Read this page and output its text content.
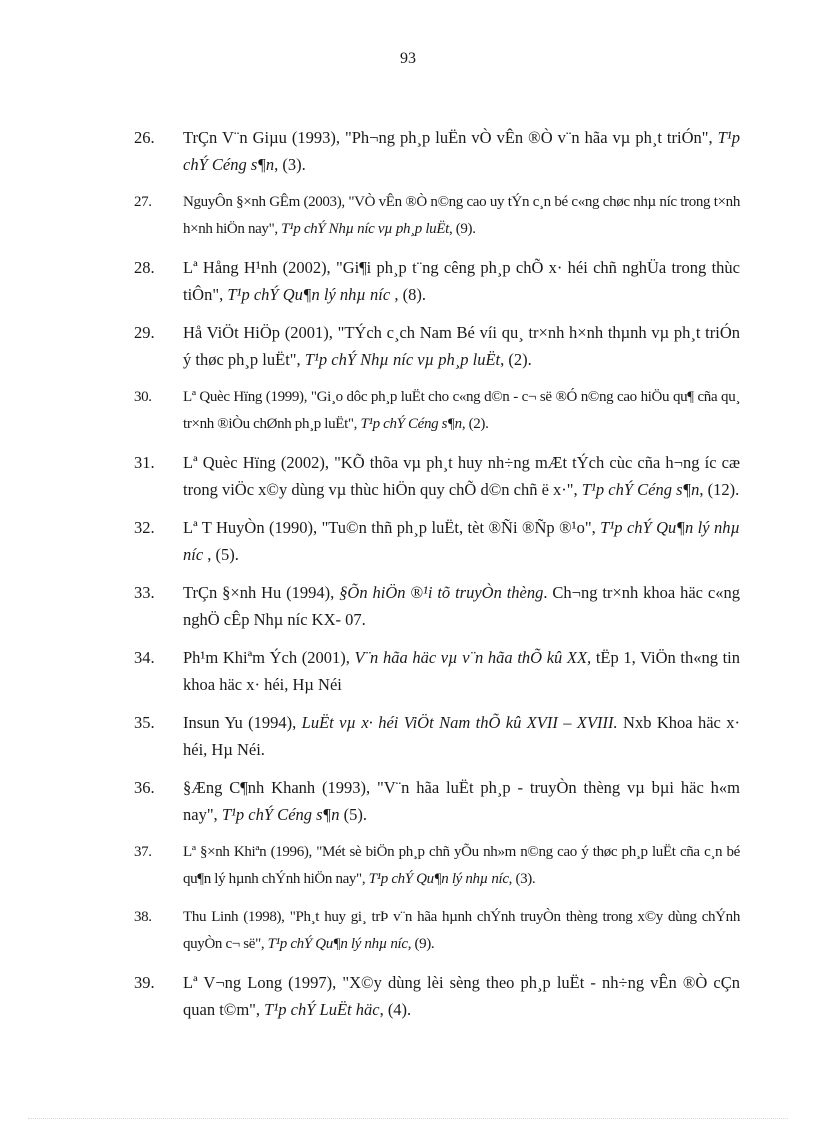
93
26. TrÇn V¨n Giµu (1993), "Ph¬ng ph¸p luËn vÒ vÊn ®Ò v¨n hãa vµ ph¸t triÓn", T¹p chÝ Céng s¶n, (3).
27. NguyÔn §×nh GÊm (2003), "VÒ vÊn ®Ò n©ng cao uy tÝn c¸n bé c«ng chøc nhµ níc trong t×nh h×nh hiÖn nay", T¹p chÝ Nhµ níc vµ ph¸p luËt, (9).
28. Lª Hång H¹nh (2002), "Gi¶i ph¸p t¨ng cêng ph¸p chÕ x· héi chñ nghÜa trong thùc tiÔn", T¹p chÝ Qu¶n lý nhµ níc , (8).
29. Hå ViÖt HiÖp (2001), "TÝch c¸ch Nam Bé víi qu¸ tr×nh h×nh thµnh vµ ph¸t triÓn ý thøc ph¸p luËt", T¹p chÝ Nhµ níc vµ ph¸p luËt, (2).
30. Lª Quèc Hïng (1999), "Gi¸o dôc ph¸p luËt cho c«ng d©n - c¬ së ®Ó n©ng cao hiÖu qu¶ cña qu¸ tr×nh ®iÒu chØnh ph¸p luËt", T¹p chÝ Céng s¶n, (2).
31. Lª Quèc Hïng (2002), "KÕ thõa vµ ph¸t huy nh÷ng mÆt tÝch cùc cña h¬ng íc cæ trong viÖc x©y dùng vµ thùc hiÖn quy chÕ d©n chñ ë x·", T¹p chÝ Céng s¶n, (12).
32. Lª T HuyÒn (1990), "Tu©n thñ ph¸p luËt, tèt ®Ñi ®Ñp ®¹o", T¹p chÝ Qu¶n lý nhµ níc , (5).
33. TrÇn §×nh Hu (1994), §Õn hiÖn ®¹i tõ truyÒn thèng. Ch¬ng tr×nh khoa häc c«ng nghÖ cÊp Nhµ níc KX- 07.
34. Ph¹m Khiªm Ých (2001), V¨n hãa häc vµ v¨n hãa thÕ kû XX, tËp 1, ViÖn th«ng tin khoa häc x· héi, Hµ Néi
35. Insun Yu (1994), LuËt vµ x· héi ViÖt Nam thÕ kû XVII – XVIII. Nxb Khoa häc x· héi, Hµ Néi.
36. §Æng C¶nh Khanh (1993), "V¨n hãa luËt ph¸p - truyÒn thèng vµ bµi häc h«m nay", T¹p chÝ Céng s¶n (5).
37. Lª §×nh Khiªn (1996), "Mét sè biÖn ph¸p chñ yÕu nh»m n©ng cao ý thøc ph¸p luËt cña c¸n bé qu¶n lý hµnh chÝnh hiÖn nay", T¹p chÝ Qu¶n lý nhµ níc, (3).
38. Thu Linh (1998), "Ph¸t huy gi¸ trÞ v¨n hãa hµnh chÝnh truyÒn thèng trong x©y dùng chÝnh quyÒn c¬ së", T¹p chÝ Qu¶n lý nhµ níc, (9).
39. Lª V¬ng Long (1997), "X©y dùng lèi sèng theo ph¸p luËt - nh÷ng vÊn ®Ò cÇn quan t©m", T¹p chÝ LuËt häc, (4).
